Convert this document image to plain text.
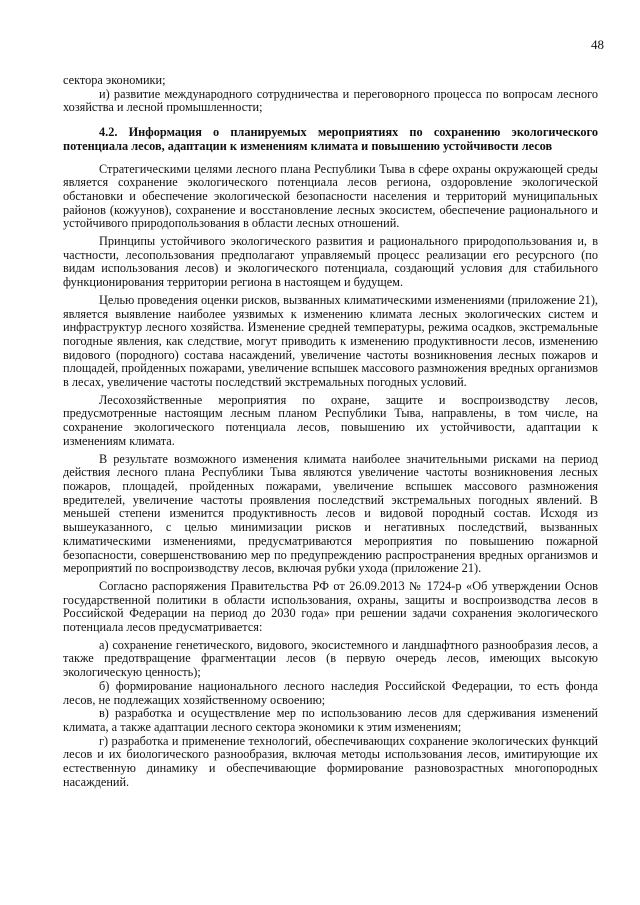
48

сектора экономики;

и) развитие международного сотрудничества и переговорного процесса по вопросам лесного хозяйства и лесной промышленности;

4.2. Информация о планируемых мероприятиях по сохранению экологического потенциала лесов, адаптации к изменениям климата и повышению устойчивости лесов

Стратегическими целями лесного плана Республики Тыва в сфере охраны окружающей среды является сохранение экологического потенциала лесов региона, оздоровление экологической обстановки и обеспечение экологической безопасности населения и территорий муниципальных районов (кожуунов), сохранение и восстановление лесных экосистем, обеспечение рационального и устойчивого природопользования в области лесных отношений.

Принципы устойчивого экологического развития и рационального природопользования и, в частности, лесопользования предполагают управляемый процесс реализации его ресурсного (по видам использования лесов) и экологического потенциала, создающий условия для стабильного функционирования территории региона в настоящем и будущем.

Целью проведения оценки рисков, вызванных климатическими изменениями (приложение 21), является выявление наиболее уязвимых к изменению климата лесных экологических систем и инфраструктур лесного хозяйства. Изменение средней температуры, режима осадков, экстремальные погодные явления, как следствие, могут приводить к изменению продуктивности лесов, изменению видового (породного) состава насаждений, увеличение частоты возникновения лесных пожаров и площадей, пройденных пожарами, увеличение вспышек массового размножения вредных организмов в лесах, увеличение частоты последствий экстремальных погодных условий.

Лесохозяйственные мероприятия по охране, защите и воспроизводству лесов, предусмотренные настоящим лесным планом Республики Тыва, направлены, в том числе, на сохранение экологического потенциала лесов, повышению их устойчивости, адаптации к изменениям климата.

В результате возможного изменения климата наиболее значительными рисками на период действия лесного плана Республики Тыва являются увеличение частоты возникновения лесных пожаров, площадей, пройденных пожарами, увеличение вспышек массового размножения вредителей, увеличение частоты проявления последствий экстремальных погодных явлений. В меньшей степени изменится продуктивность лесов и видовой породный состав. Исходя из вышеуказанного, с целью минимизации рисков и негативных последствий, вызванных климатическими изменениями, предусматриваются мероприятия по повышению пожарной безопасности, совершенствованию мер по предупреждению распространения вредных организмов и мероприятий по воспроизводству лесов, включая рубки ухода (приложение 21).

Согласно распоряжения Правительства РФ от 26.09.2013 № 1724-р «Об утверждении Основ государственной политики в области использования, охраны, защиты и воспроизводства лесов в Российской Федерации на период до 2030 года» при решении задачи сохранения экологического потенциала лесов предусматривается:

а) сохранение генетического, видового, экосистемного и ландшафтного разнообразия лесов, а также предотвращение фрагментации лесов (в первую очередь лесов, имеющих высокую экологическую ценность);

б) формирование национального лесного наследия Российской Федерации, то есть фонда лесов, не подлежащих хозяйственному освоению;

в) разработка и осуществление мер по использованию лесов для сдерживания изменений климата, а также адаптации лесного сектора экономики к этим изменениям;

г) разработка и применение технологий, обеспечивающих сохранение экологических функций лесов и их биологического разнообразия, включая методы использования лесов, имитирующие их естественную динамику и обеспечивающие формирование разновозрастных многопородных насаждений.
